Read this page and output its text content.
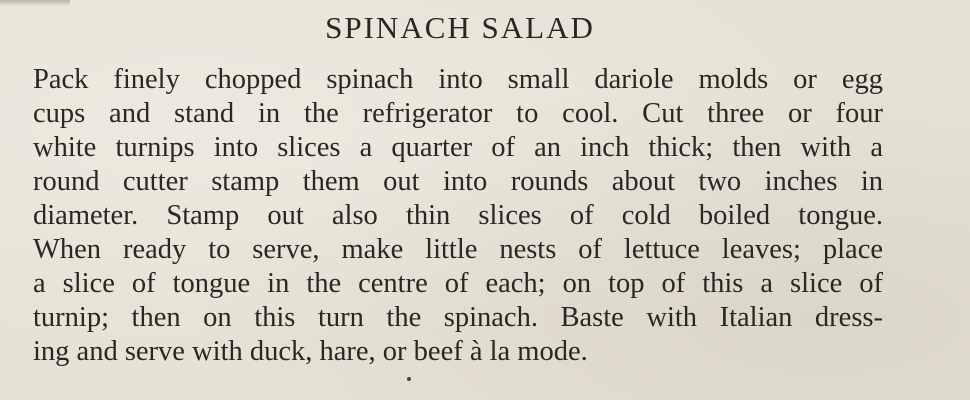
SPINACH SALAD
Pack finely chopped spinach into small dariole molds or egg
cups and stand in the refrigerator to cool. Cut three or four
white turnips into slices a quarter of an inch thick; then with a
round cutter stamp them out into rounds about two inches in
diameter. Stamp out also thin slices of cold boiled tongue.
When ready to serve, make little nests of lettuce leaves; place
a slice of tongue in the centre of each; on top of this a slice of
turnip; then on this turn the spinach. Baste with Italian dress-
ing and serve with duck, hare, or beef à la mode.
